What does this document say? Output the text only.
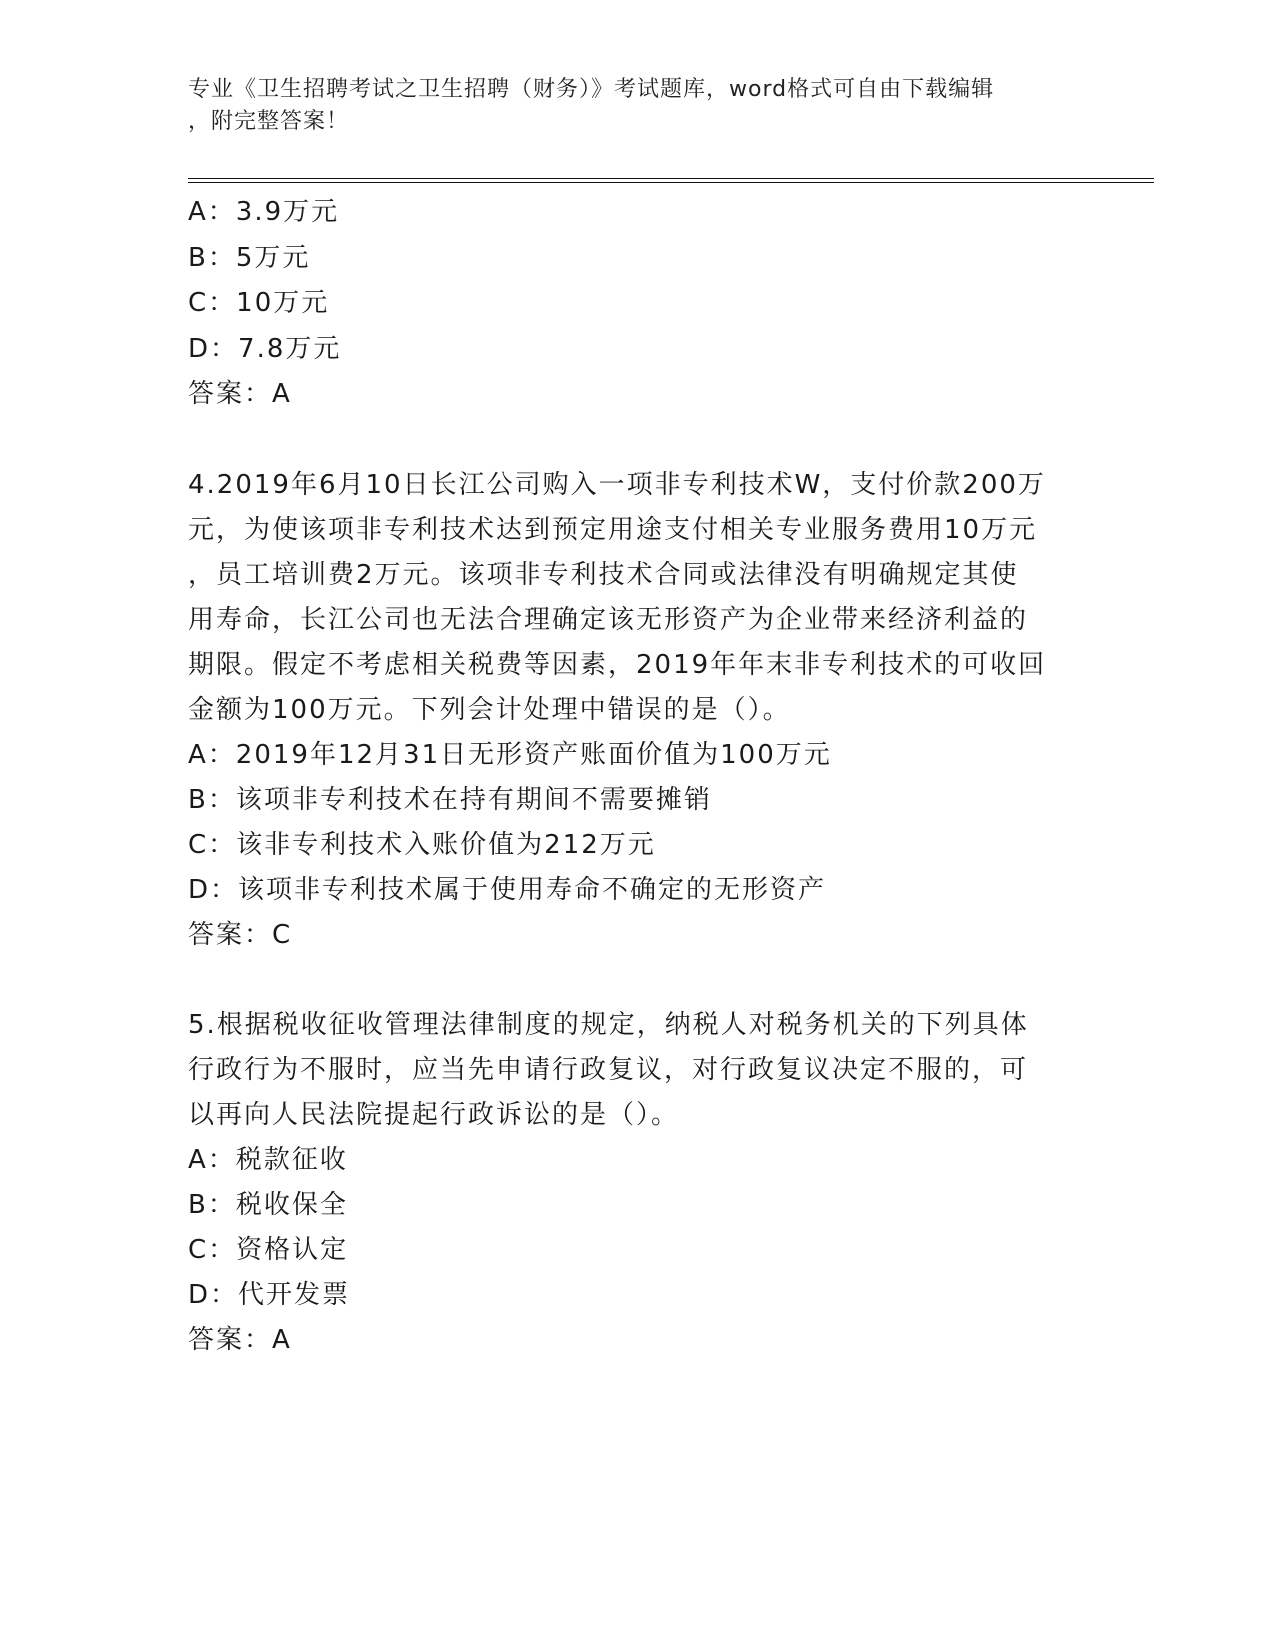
专业《卫生招聘考试之卫生招聘（财务）》考试题库，word格式可自由下载编辑
，附完整答案！
A：3.9万元
B：5万元
C：10万元
D：7.8万元
答案：A
4.2019年6月10日长江公司购入一项非专利技术W，支付价款200万
元，为使该项非专利技术达到预定用途支付相关专业服务费用10万元
，员工培训费2万元。该项非专利技术合同或法律没有明确规定其使
用寿命，长江公司也无法合理确定该无形资产为企业带来经济利益的
期限。假定不考虑相关税费等因素，2019年年末非专利技术的可收回
金额为100万元。下列会计处理中错误的是（）。
A：2019年12月31日无形资产账面价值为100万元
B：该项非专利技术在持有期间不需要摊销
C：该非专利技术入账价值为212万元
D：该项非专利技术属于使用寿命不确定的无形资产
答案：C
5.根据税收征收管理法律制度的规定，纳税人对税务机关的下列具体
行政行为不服时，应当先申请行政复议，对行政复议决定不服的，可
以再向人民法院提起行政诉讼的是（）。
A：税款征收
B：税收保全
C：资格认定
D：代开发票
答案：A
